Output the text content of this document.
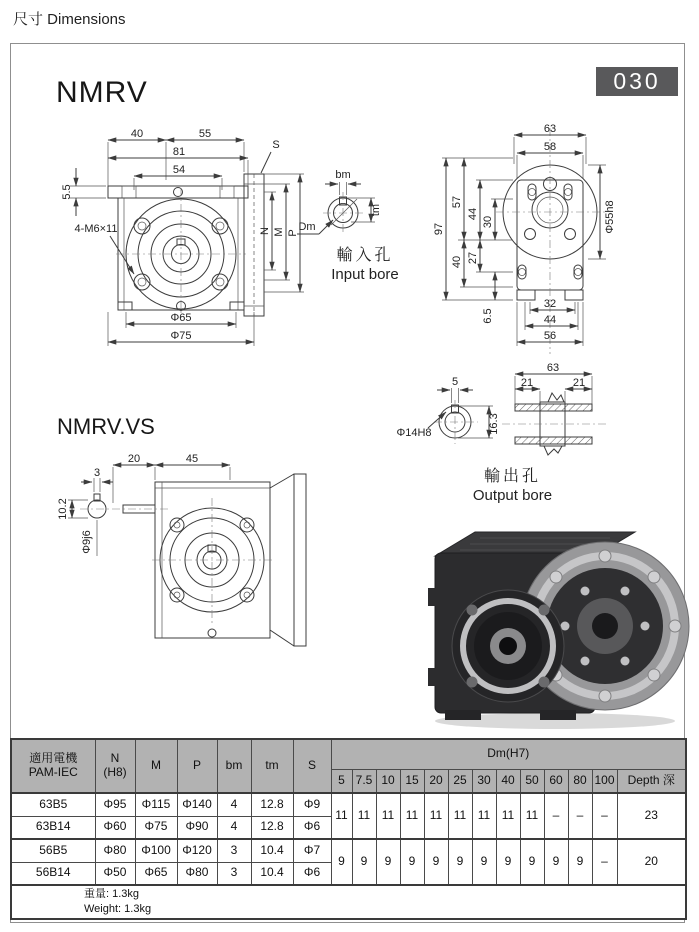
尺寸 Dimensions
NMRV	030
40	55
81
54
5.5
4-M6×11
S
N M P
Φ65
Φ75
bm
tm
Dm
輸入孔
Input bore
63
58
97
57
44
30
40 27
6.5
Φ55h8
32
44
56
NMRV.VS
20	45
3
10.2
Φ9j6
5
Φ14H8	16.3
63
21	21
輸出孔
Output bore
適用電機
PAM-IEC

N
(H8)	M	P	bm	tm	S	Dm(H7)
							5	7.5	10	15	20	25	30	40	50	60	80	100	Depth 深
63B5	Φ95	Φ115	Φ140	4	12.8	Φ9	11	11	11	11	11	11	11	11	11	–	–	–	23
63B14	Φ60	Φ75	Φ90	4	12.8	Φ6													
56B5	Φ80	Φ100	Φ120	3	10.4	Φ7	9	9	9	9	9	9	9	9	9	9	9	–	20
56B14	Φ50	Φ65	Φ80	3	10.4	Φ6													

重量: 1.3kg
Weight: 1.3kg																			
